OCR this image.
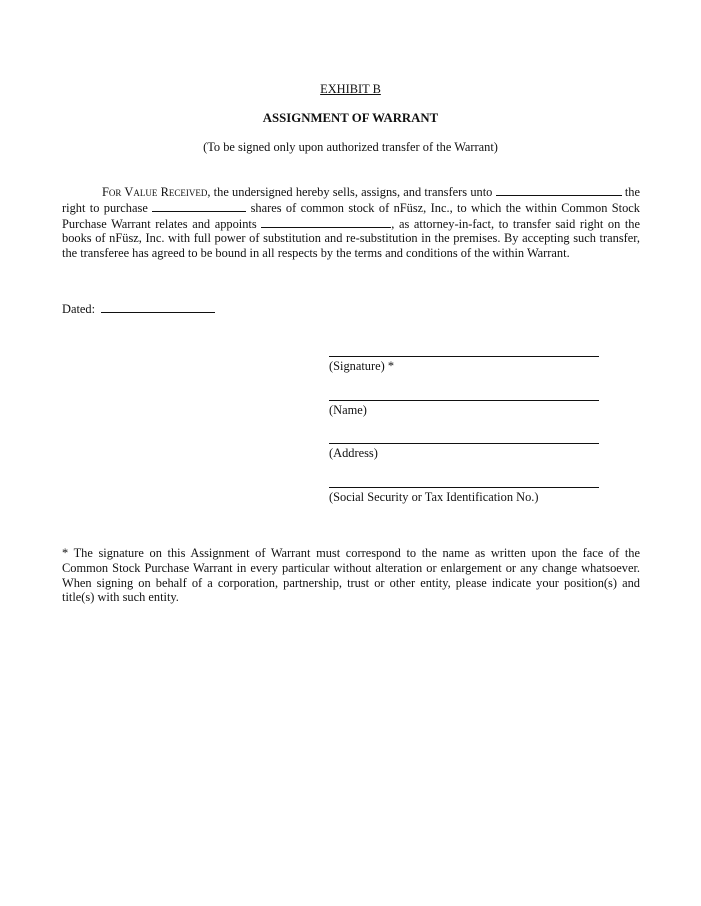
EXHIBIT B
ASSIGNMENT OF WARRANT
(To be signed only upon authorized transfer of the Warrant)
For Value Received, the undersigned hereby sells, assigns, and transfers unto	the right to purchase	shares of common stock of nFüsz, Inc., to which the within Common Stock Purchase Warrant relates and appoints	, as attorney-in-fact, to transfer said right on the books of nFüsz, Inc. with full power of substitution and re-substitution in the premises. By accepting such transfer, the transferee has agreed to be bound in all respects by the terms and conditions of the within Warrant.
Dated:
(Signature) *
(Name)
(Address)
(Social Security or Tax Identification No.)
* The signature on this Assignment of Warrant must correspond to the name as written upon the face of the Common Stock Purchase Warrant in every particular without alteration or enlargement or any change whatsoever. When signing on behalf of a corporation, partnership, trust or other entity, please indicate your position(s) and title(s) with such entity.
